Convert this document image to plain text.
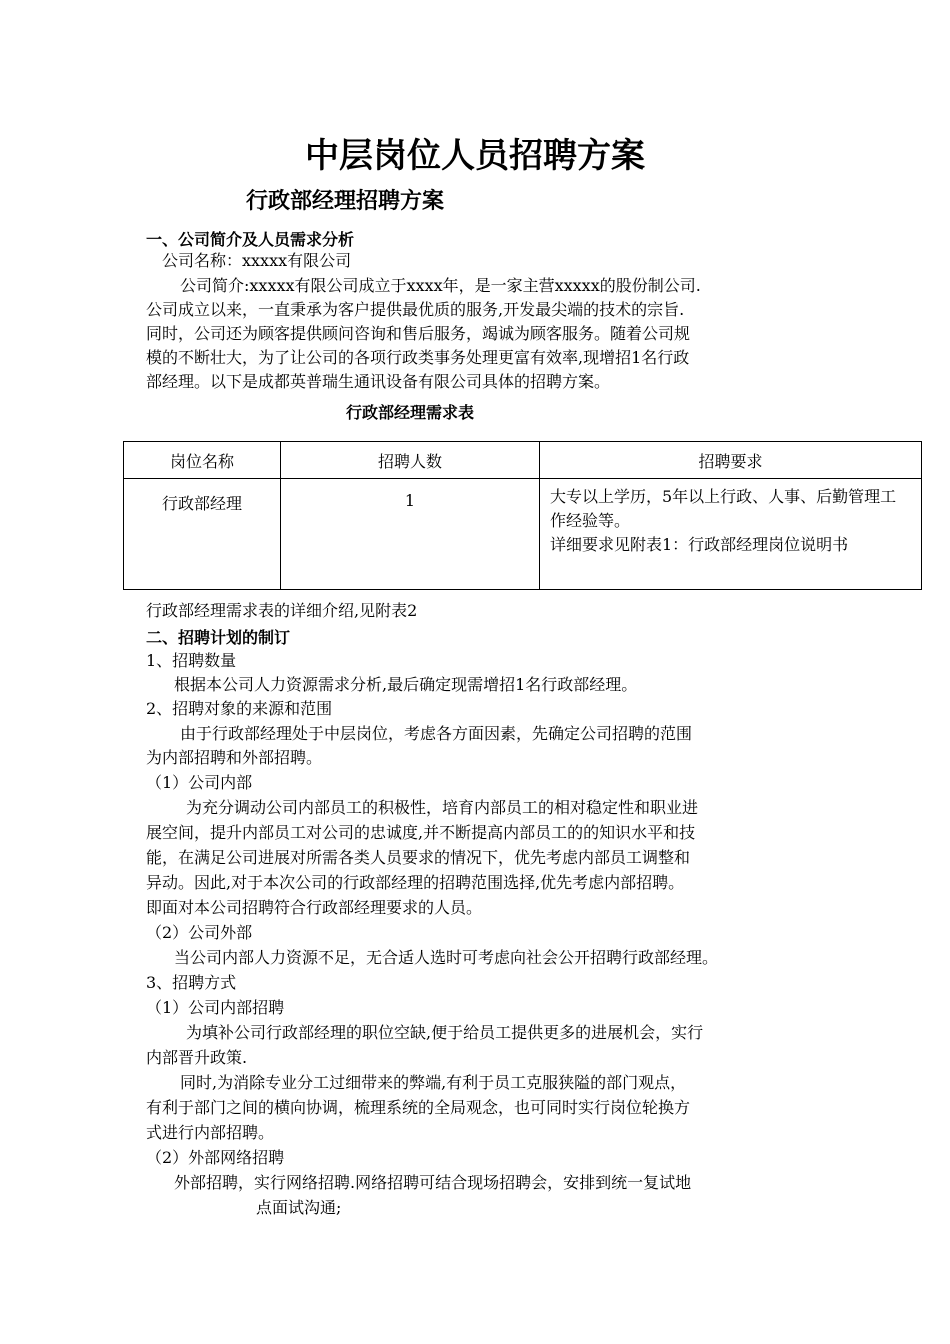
中层岗位人员招聘方案
行政部经理招聘方案
一、公司简介及人员需求分析
公司名称：xxxxx有限公司
公司简介:xxxxx有限公司成立于xxxx年，是一家主营xxxxx的股份制公司.
公司成立以来，一直秉承为客户提供最优质的服务,开发最尖端的技术的宗旨.
同时，公司还为顾客提供顾问咨询和售后服务，竭诚为顾客服务。随着公司规
模的不断壮大，为了让公司的各项行政类事务处理更富有效率,现增招1名行政
部经理。以下是成都英普瑞生通讯设备有限公司具体的招聘方案。
行政部经理需求表
岗位名称	招聘人数	招聘要求
行政部经理	1	大专以上学历，5年以上行政、人事、后勤管理工
作经验等。
详细要求见附表1：行政部经理岗位说明书
行政部经理需求表的详细介绍,见附表2
二、招聘计划的制订
1、招聘数量
根据本公司人力资源需求分析,最后确定现需增招1名行政部经理。
2、招聘对象的来源和范围
由于行政部经理处于中层岗位，考虑各方面因素，先确定公司招聘的范围
为内部招聘和外部招聘。
（1）公司内部
为充分调动公司内部员工的积极性，培育内部员工的相对稳定性和职业进
展空间，提升内部员工对公司的忠诚度,并不断提高内部员工的的知识水平和技
能，在满足公司进展对所需各类人员要求的情况下，优先考虑内部员工调整和
异动。因此,对于本次公司的行政部经理的招聘范围选择,优先考虑内部招聘。
即面对本公司招聘符合行政部经理要求的人员。
（2）公司外部
当公司内部人力资源不足，无合适人选时可考虑向社会公开招聘行政部经理。
3、招聘方式
（1）公司内部招聘
为填补公司行政部经理的职位空缺,便于给员工提供更多的进展机会，实行
内部晋升政策.
同时,为消除专业分工过细带来的弊端,有利于员工克服狭隘的部门观点，
有利于部门之间的横向协调，梳理系统的全局观念，也可同时实行岗位轮换方
式进行内部招聘。
（2）外部网络招聘
外部招聘，实行网络招聘.网络招聘可结合现场招聘会，安排到统一复试地
点面试沟通;
